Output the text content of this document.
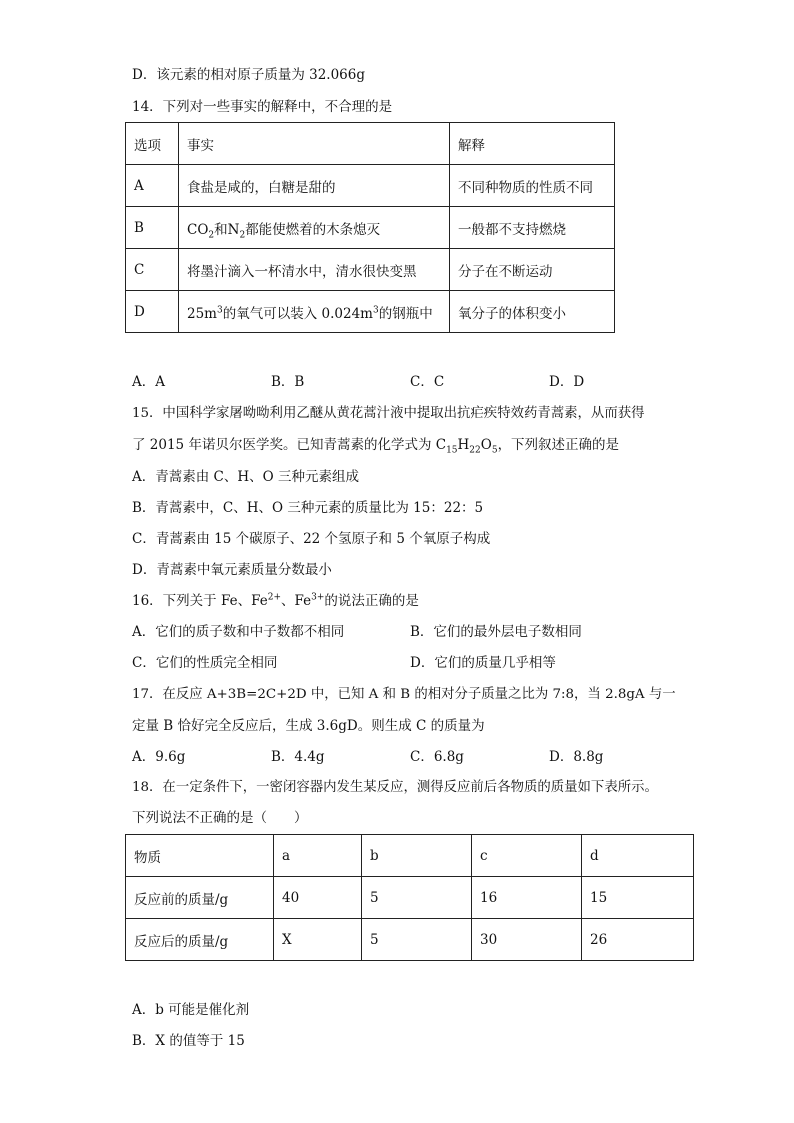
D．该元素的相对原子质量为 32.066g
14．下列对一些事实的解释中，不合理的是
选项	事实	解释
A	食盐是咸的，白糖是甜的	不同种物质的性质不同
B	$CO_2$和$N_2$都能使燃着的木条熄灭	一般都不支持燃烧
C	将墨汁滴入一杯清水中，清水很快变黑	分子在不断运动
D	$25m^3$的氧气可以装入 $0.024m^3$的钢瓶中	氧分子的体积变小
A．A	B．B	C．C	D．D
15．中国科学家屠呦呦利用乙醚从黄花蒿汁液中提取出抗疟疾特效药青蒿素，从而获得
了 2015 年诺贝尔医学奖。已知青蒿素的化学式为 $C_{15}H_{22}O_5$，下列叙述正确的是
A．青蒿素由 C、H、O 三种元素组成
B．青蒿素中，C、H、O 三种元素的质量比为 15：22：5
C．青蒿素由 15 个碳原子、22 个氢原子和 5 个氧原子构成
D．青蒿素中氧元素质量分数最小
16．下列关于 Fe、$Fe^{2+}$、$Fe^{3+}$的说法正确的是
A．它们的质子数和中子数都不相同	B．它们的最外层电子数相同
C．它们的性质完全相同	D．它们的质量几乎相等
17．在反应 A+3B=2C+2D 中，已知 A 和 B 的相对分子质量之比为 7:8，当 2.8gA 与一
定量 B 恰好完全反应后，生成 3.6gD。则生成 C 的质量为
A．9.6g	B．4.4g	C．6.8g	D．8.8g
18．在一定条件下，一密闭容器内发生某反应，测得反应前后各物质的质量如下表所示。
下列说法不正确的是（　　）
物质	a	b	c	d
反应前的质量/g	40	5	16	15
反应后的质量/g	X	5	30	26
A．b 可能是催化剂
B．X 的值等于 15
